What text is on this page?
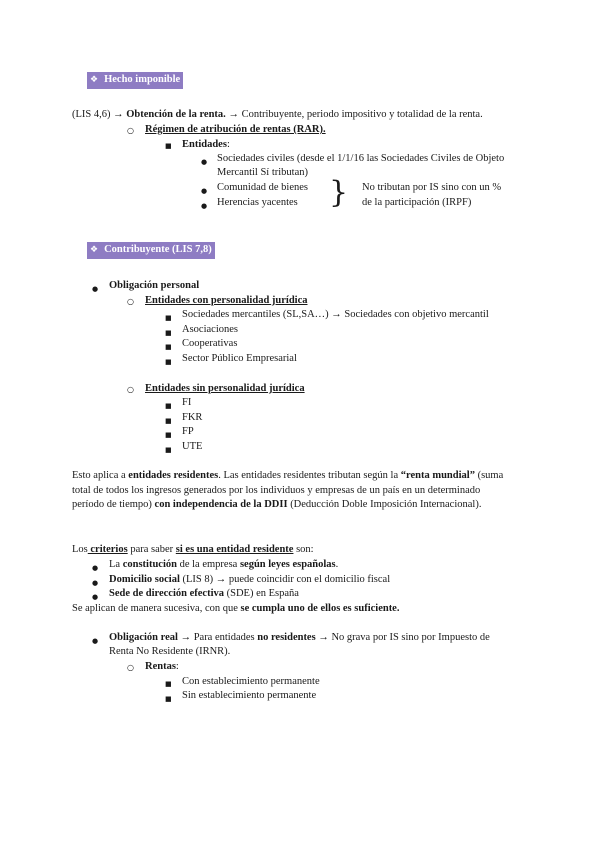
❖ Hecho imponible
(LIS 4,6) → Obtención de la renta. → Contribuyente, periodo impositivo y totalidad de la renta.
○ Régimen de atribución de rentas (RAR).
■ Entidades:
● Sociedades civiles (desde el 1/1/16 las Sociedades Civiles de Objeto
Mercantil Sí tributan)
● Comunidad de bienes
● Herencias yacentes } No tributan por IS sino con un %
de la participación (IRPF)
❖ Contribuyente (LIS 7,8)
● Obligación personal
○ Entidades con personalidad jurídica
■ Sociedades mercantiles (SL,SA…) → Sociedades con objetivo mercantil
■ Asociaciones
■ Cooperativas
■ Sector Público Empresarial
○ Entidades sin personalidad jurídica
■ FI
■ FKR
■ FP
■ UTE
Esto aplica a entidades residentes. Las entidades residentes tributan según la “renta mundial” (suma total de todos los ingresos generados por los individuos y empresas de un país en un determinado período de tiempo) con independencia de la DDII (Deducción Doble Imposición Internacional).
Los criterios para saber si es una entidad residente son:
● La constitución de la empresa según leyes españolas.
● Domicilio social (LIS 8) → puede coincidir con el domicilio fiscal
● Sede de dirección efectiva (SDE) en España
Se aplican de manera sucesiva, con que se cumpla uno de ellos es suficiente.
● Obligación real → Para entidades no residentes → No grava por IS sino por Impuesto de
Renta No Residente (IRNR).
○ Rentas:
■ Con establecimiento permanente
■ Sin establecimiento permanente
